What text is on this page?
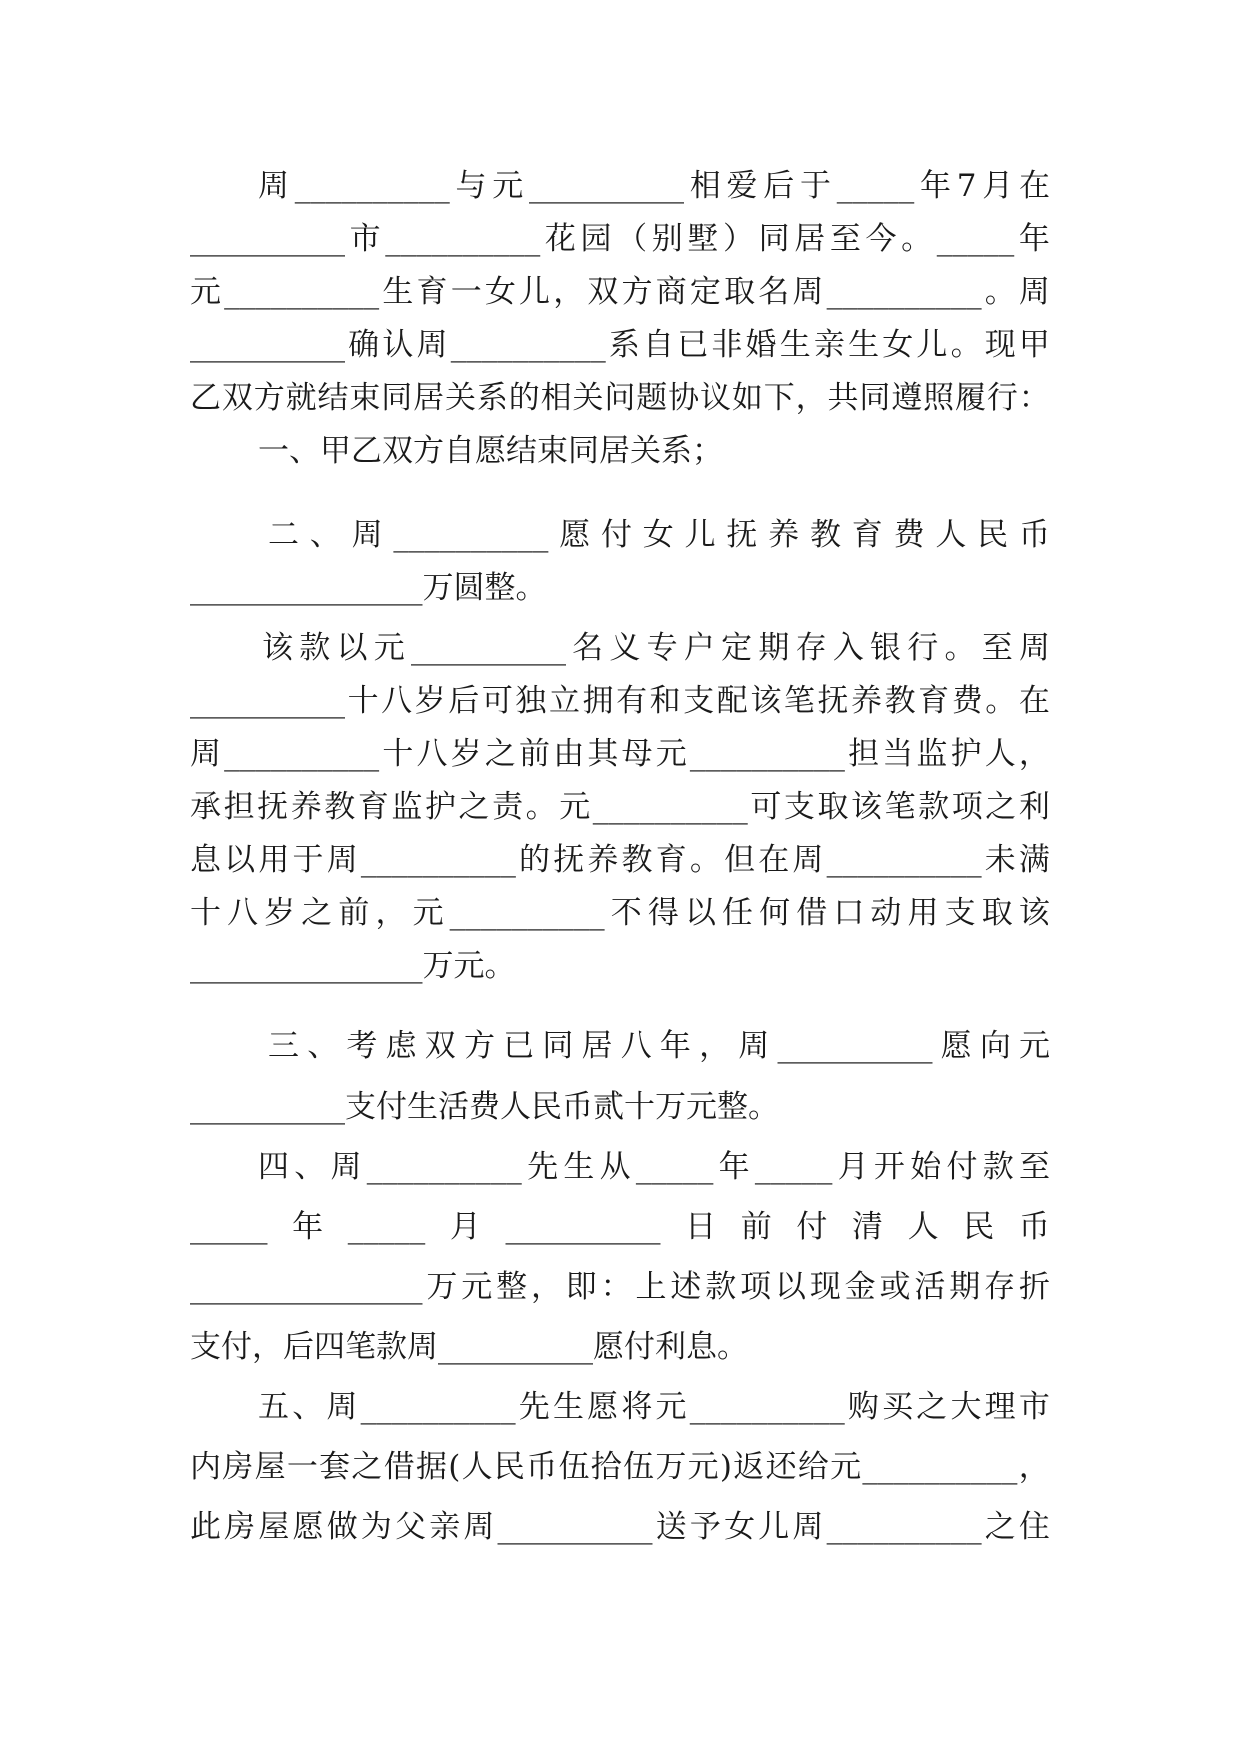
周 __________ 与 元 __________ 相 爱 后 于 _____ 年 7 月 在
__________ 市 __________ 花 园 （ 别 墅 ） 同 居 至 今 。 _____ 年
元 __________ 生 育 一 女 儿 ， 双 方 商 定 取 名 周 __________ 。 周
__________ 确 认 周 __________ 系 自 已 非 婚 生 亲 生 女 儿 。 现 甲
乙 双 方 就 结 束 同 居 关 系 的 相 关 问 题 协 议 如 下 ， 共 同 遵 照 履 行 ：
一、甲乙双方自愿结束同居关系；
二 、 周 __________ 愿 付 女 儿 抚 养 教 育 费 人 民 币
_______________万圆整。
该 款 以 元 __________ 名 义 专 户 定 期 存 入 银 行 。 至 周
__________ 十 八 岁 后 可 独 立 拥 有 和 支 配 该 笔 抚 养 教 育 费 。 在
周 __________ 十 八 岁 之 前 由 其 母 元 __________ 担 当 监 护 人 ，
承 担 抚 养 教 育 监 护 之 责 。 元 __________ 可 支 取 该 笔 款 项 之 利
息 以 用 于 周 __________ 的 抚 养 教 育 。 但 在 周 __________ 未 满
十 八 岁 之 前 ， 元 __________ 不 得 以 任 何 借 口 动 用 支 取 该
_______________万元。
三 、 考 虑 双 方 已 同 居 八 年 ， 周 __________ 愿 向 元
__________支付生活费人民币贰十万元整。
四 、 周 __________ 先 生 从 _____ 年 _____ 月 开 始 付 款 至
_____ 年 _____ 月 __________ 日 前 付 清 人 民 币
_______________ 万 元 整 ， 即 ： 上 述 款 项 以 现 金 或 活 期 存 折
支付，后四笔款周__________愿付利息。
五 、 周 __________ 先 生 愿 将 元 __________ 购 买 之 大 理 市
内 房 屋 一 套 之 借 据 ( 人 民 币 伍 拾 伍 万 元 ) 返 还 给 元 __________ ，
此 房 屋 愿 做 为 父 亲 周 __________ 送 予 女 儿 周 __________ 之 住
